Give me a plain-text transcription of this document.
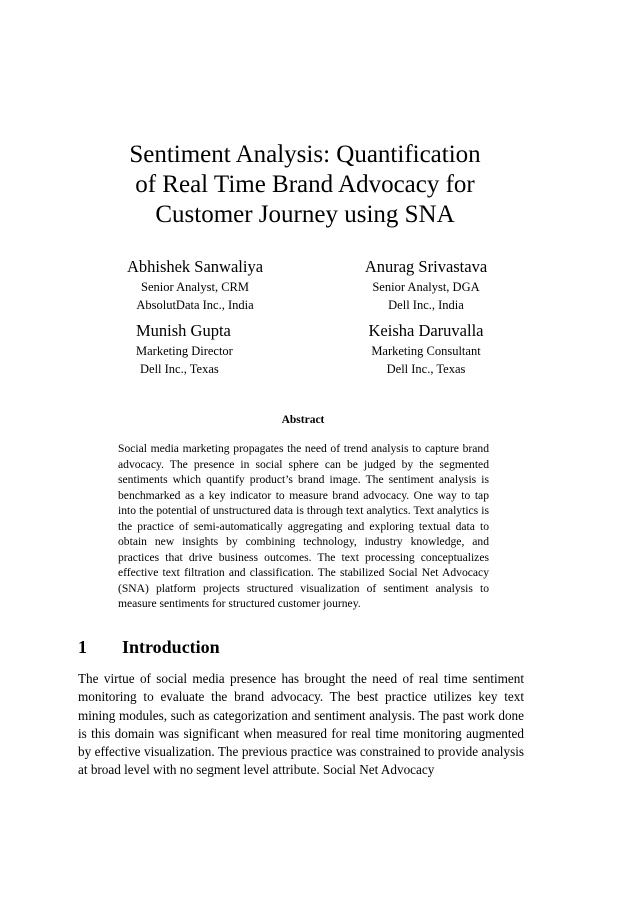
Sentiment Analysis: Quantification
of Real Time Brand Advocacy for
Customer Journey using SNA
Abhishek Sanwaliya
Senior Analyst, CRM
AbsolutData Inc., India
Anurag Srivastava
Senior Analyst, DGA
Dell Inc., India
Munish Gupta
Marketing Director
Dell Inc., Texas
Keisha Daruvalla
Marketing Consultant
Dell Inc., Texas
Abstract
Social media marketing propagates the need of trend analysis to capture brand advocacy. The presence in social sphere can be judged by the segmented sentiments which quantify product’s brand image. The sentiment analysis is benchmarked as a key indicator to measure brand advocacy. One way to tap into the potential of unstructured data is through text analytics. Text analytics is the practice of semi-automatically aggregating and exploring textual data to obtain new insights by combining technology, industry knowledge, and practices that drive business outcomes. The text processing conceptualizes effective text filtration and classification. The stabilized Social Net Advocacy (SNA) platform projects structured visualization of sentiment analysis to measure sentiments for structured customer journey.
1 Introduction
The virtue of social media presence has brought the need of real time sentiment monitoring to evaluate the brand advocacy. The best practice utilizes key text mining modules, such as categorization and sentiment analysis. The past work done is this domain was significant when measured for real time monitoring augmented by effective visualization. The previous practice was constrained to provide analysis at broad level with no segment level attribute. Social Net Advocacy
